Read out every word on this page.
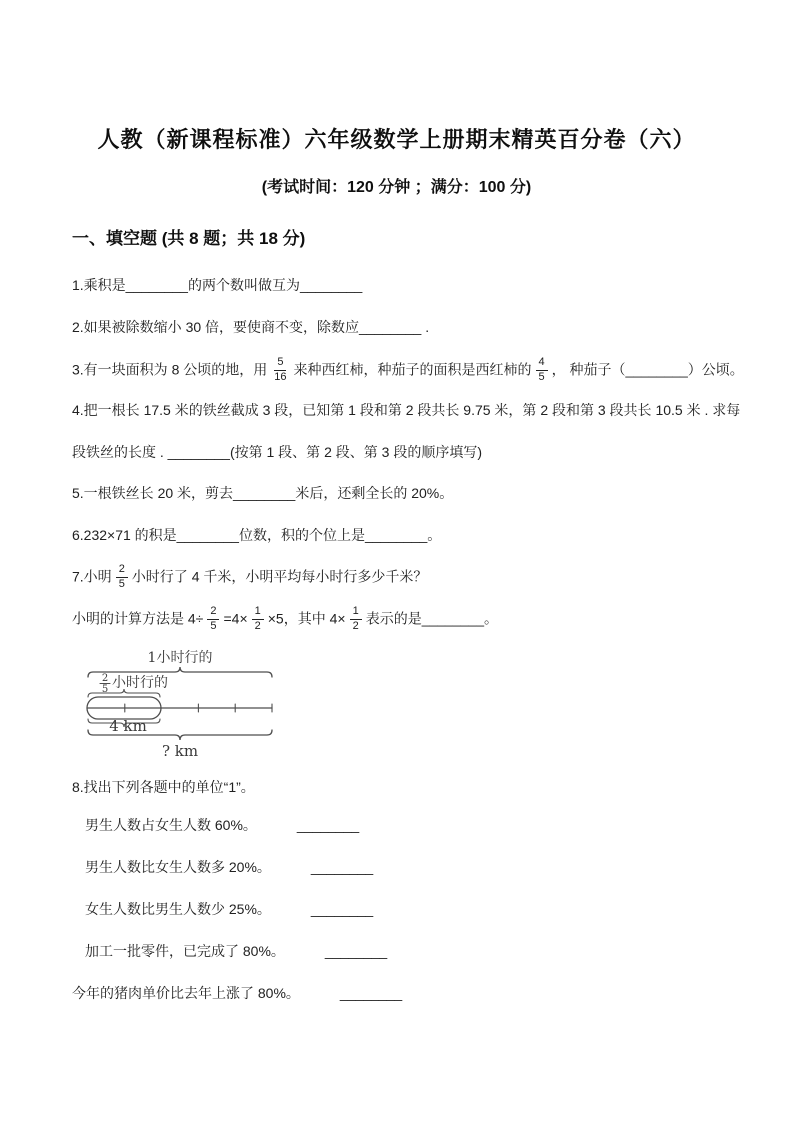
人教（新课程标准）六年级数学上册期末精英百分卷（六）
(考试时间：120 分钟 ；满分：100 分)
一、填空题 (共 8 题；共 18 分)
1.乘积是________的两个数叫做互为________
2.如果被除数缩小 30 倍，要使商不变，除数应________ .
3.有一块面积为 8 公顷的地，用 $\frac{5}{16}$ 来种西红柿，种茄子的面积是西红柿的 $\frac{4}{5}$ ， 种茄子（________）公顷。
4.把一根长 17.5 米的铁丝截成 3 段，已知第 1 段和第 2 段共长 9.75 米，第 2 段和第 3 段共长 10.5 米 . 求每
段铁丝的长度 . ________(按第 1 段、第 2 段、第 3 段的顺序填写)
5.一根铁丝长 20 米，剪去________米后，还剩全长的 20%。
6.232×71 的积是________位数，积的个位上是________。
7.小明 $\frac{2}{5}$ 小时行了 4 千米，小明平均每小时行多少千米？
小明的计算方法是 $4\div \frac{2}{5} =4\times \frac{1}{2} \times 5$，其中 $4\times \frac{1}{2}$ 表示的是________。
1小时行的
2
5 小时行的
4 km
? km
8.找出下列各题中的单位“1”。
男生人数占女生人数 60%。	________
男生人数比女生人数多 20%。	________
女生人数比男生人数少 25%。	________
加工一批零件，已完成了 80%。	________
今年的猪肉单价比去年上涨了 80%。	________
